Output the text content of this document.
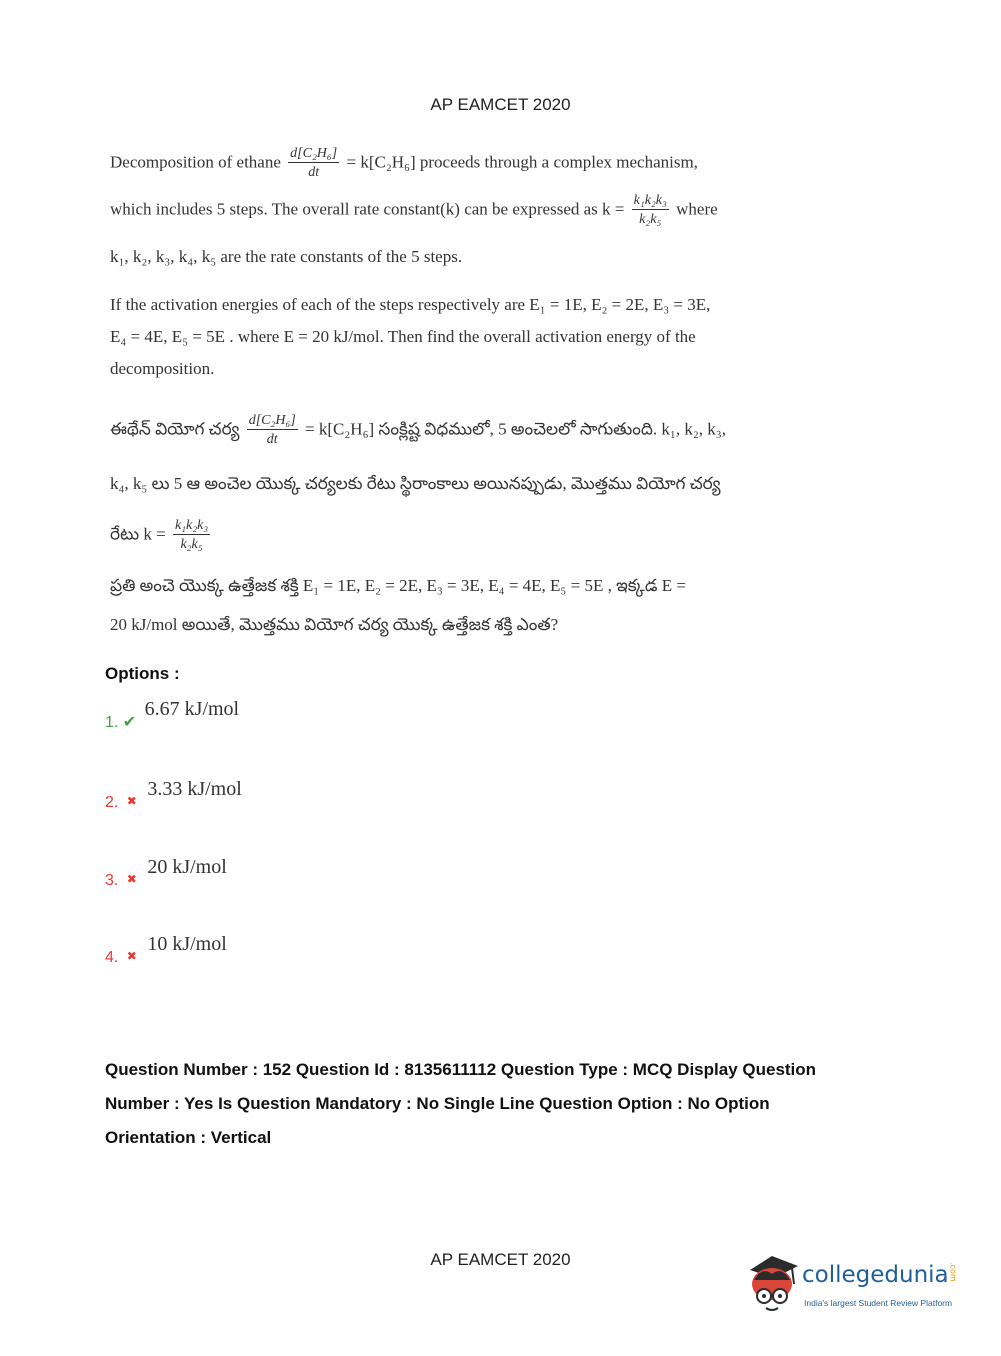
AP EAMCET 2020
Decomposition of ethane $\frac{\text{d[C₂H₆]}}{dt} = k[C_2H_6]$ proceeds through a complex mechanism,
which includes 5 steps. The overall rate constant(k) can be expressed as $k = \frac{\text{k₁k₂k₃}}{\text{k₂k₅}}$ where
k₁, k₂, k₃, k₄, k₅ are the rate constants of the 5 steps.
If the activation energies of each of the steps respectively are E₁ = 1E, E₂ = 2E, E₃ = 3E,
E₄ = 4E, E₅ = 5E . where E = 20 kJ/mol. Then find the overall activation energy of the
decomposition.
ఈథేన్ వియోగ చర్య $\frac{\text{d[C₂H₆]}}{dt} = k[C_2H_6]$ సంక్లిష్ట విధములో, 5 అంచెలలో సాగుతుంది. k₁, k₂, k₃,
k₄, k₅ లు 5 ఆ అంచెల యొక్క చర్యలకు రేటు స్థిరాంకాలు అయినప్పుడు, మొత్తము వియోగ చర్య
రేటు $k = \frac{\text{k₁k₂k₃}}{\text{k₂k₅}}$
ప్రతి అంచె యొక్క ఉత్తేజక శక్తి E₁ = 1E, E₂ = 2E, E₃ = 3E, E₄ = 4E, E₅ = 5E , ఇక్కడ E =
20 kJ/mol అయితే, మొత్తము వియోగ చర్య యొక్క ఉత్తేజక శక్తి ఎంత?
Options :
1. ✔ 6.67 kJ/mol
2. $_✖$ 3.33 kJ/mol
3. $_✖$ 20 kJ/mol
4. $_✖$ 10 kJ/mol
Question Number : 152 Question Id : 8135611112 Question Type : MCQ Display Question
Number : Yes Is Question Mandatory : No Single Line Question Option : No Option
Orientation : Vertical
AP EAMCET 2020
collegedunia.com
India's largest Student Review Platform
